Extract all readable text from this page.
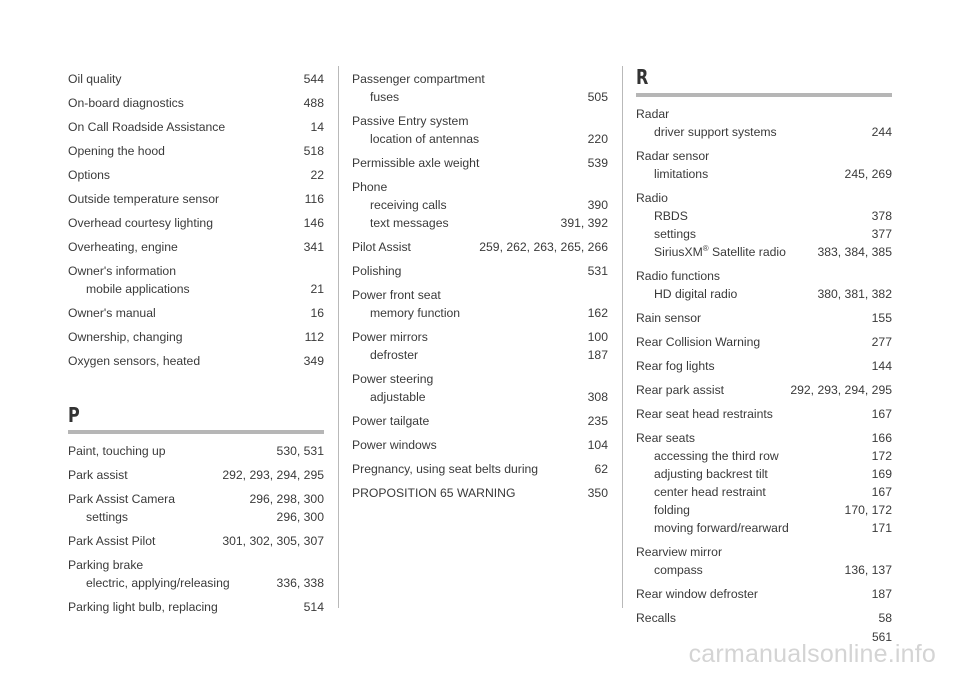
Oil quality	544
On-board diagnostics	488
On Call Roadside Assistance	14
Opening the hood	518
Options	22
Outside temperature sensor	116
Overhead courtesy lighting	146
Overheating, engine	341
Owner's information
mobile applications	21
Owner's manual	16
Ownership, changing	112
Oxygen sensors, heated	349
P
Paint, touching up	530, 531
Park assist	292, 293, 294, 295
Park Assist Camera	296, 298, 300
settings	296, 300
Park Assist Pilot	301, 302, 305, 307
Parking brake
electric, applying/releasing	336, 338
Parking light bulb, replacing	514
Passenger compartment
fuses	505
Passive Entry system
location of antennas	220
Permissible axle weight	539
Phone
receiving calls	390
text messages	391, 392
Pilot Assist	259, 262, 263, 265, 266
Polishing	531
Power front seat
memory function	162
Power mirrors	100
defroster	187
Power steering
adjustable	308
Power tailgate	235
Power windows	104
Pregnancy, using seat belts during	62
PROPOSITION 65 WARNING	350
R
Radar
driver support systems	244
Radar sensor
limitations	245, 269
Radio
RBDS	378
settings	377
SiriusXM® Satellite radio	383, 384, 385
Radio functions
HD digital radio	380, 381, 382
Rain sensor	155
Rear Collision Warning	277
Rear fog lights	144
Rear park assist	292, 293, 294, 295
Rear seat head restraints	167
Rear seats	166
accessing the third row	172
adjusting backrest tilt	169
center head restraint	167
folding	170, 172
moving forward/rearward	171
Rearview mirror
compass	136, 137
Rear window defroster	187
Recalls	58
561
carmanualsonline.info
